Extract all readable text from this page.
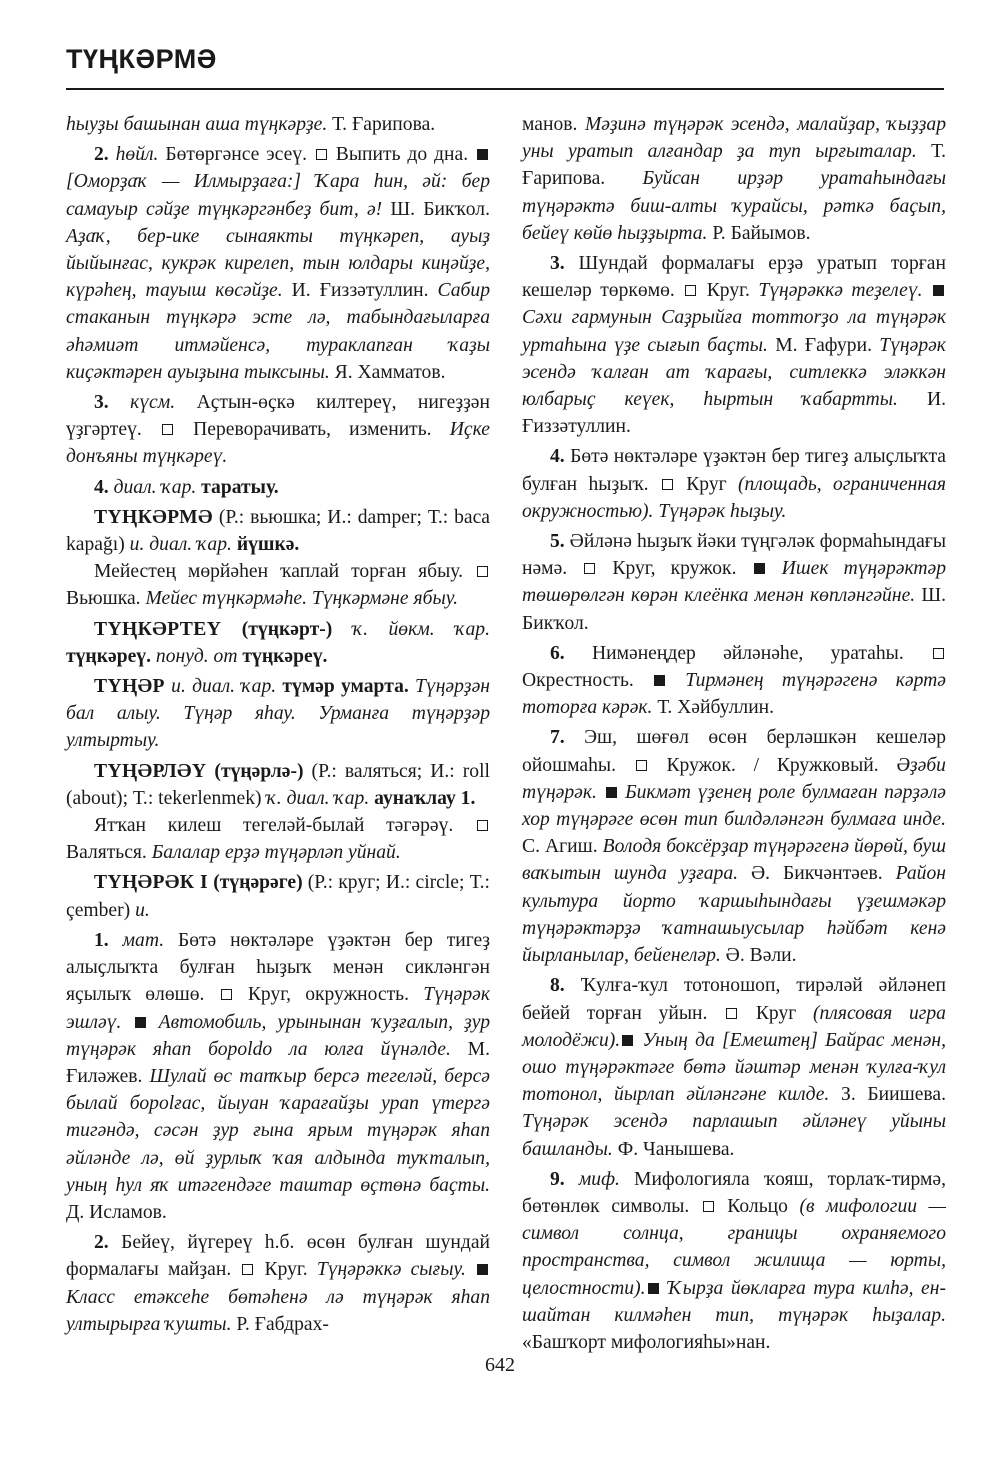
ТҮҢКӘРМӘ

hыуҙы башынан аша түңкәрҙе. Т. Ғарипова.

2. hөйл. Бөтөргәнсе эсеү.  Выпить до дна.  [Оморҙаҡ — Илмырҙаға:] Ҡара hин, әй: бер самауыр сәйҙе түңкәргәнбеҙ бит, ә! Ш. Бикҡол. Аҙаҡ, бер-ике сынаякты түңкәреп, ауыҙ йыйынғас, кукрәк кирелеп, тын юлдары киңәйҙе, күрәhең, тауыш көсәйҙе. И. Ғиззәтуллин. Сабир стаканын түңкәрә эсте лә, табындағыларға әhәмиәт итмәйенсә, тураклanған ҡаҙы киҫәктәрен ауыҙына тыксыны. Я. Хамматов.

3. күсм. Аҫтын-өҫкә килтереү, нигеҙҙән үҙгәртеү.  Переворачивать, изменить. Иҫке донъяны түңкәреү.

4. диал. ҡар. таратыу.

ТҮҢКӘРМӘ (Р.: вьюшка; И.: damper; Т.: baca kapağı) и. диал. ҡар. йүшкә.

Мейестең мөрйәhен ҡаплай торған ябыу.  Вьюшка. Мейес түңкәрмәhе. Түңкәрмәне ябыу.

ТҮҢКӘРТЕҮ (түңкәрт-) ҡ. йөкм. ҡар. түңкәреү. понуд. от түңкәреү.

ТҮҢӘР и. диал. ҡар. түмәр умарта. Түңәрҙән бал алыу. Түңәр яhау. Урманға түңәрҙәр ултыртыу.

ТҮҢӘРЛӘҮ (түңәрлә-) (Р.: валяться; И.: roll (about); Т.: tekerlenmek) ҡ. диал. ҡар. аунаҡлау 1.

Ятҡан килеш тегеләй-былай тәгәрәү.  Валяться. Балалар ерҙә түңәрләп уйнай.

ТҮҢӘРӘК I (түңәрәге) (Р.: круг; И.: circle; Т.: çember) и.

1. мат. Бөтә нөктәләре үҙәктән бер тигеҙ алыҫлыҡта булған hыҙыҡ менән сикләнгән яҫылыҡ өлөшө.  Круг, окружность. Түңәрәк эшләү.  Автомобиль, урынынан ҡуҙғалып, ҙур түңәрәк яhап бороldo ла юлға йүнәлде. М. Ғиләжев. Шулай өс тапҡыр берсә тегеләй, берсә былай борolғас, йыуан ҡарағайҙы урап үтергә тигәндә, сәсән ҙур ғына ярым түңәрәк яhап әйләнде лә, өй ҙурлыҡ ҡая алдында туҡталып, уның hул яҡ итәгендәге таштар өҫтөнә баҫты. Д. Исламов.

2. Бейеү, йүгереү h.б. өсөн булған шундай формалағы майҙан.  Круг. Түңәрәккә сығыу.  Класс етәксеhе бөтәhенә лә түңәрәк яhап ултырырға ҡушты. Р. Ғабдрах-

манов. Мәҙинә түңәрәк эсендә, малайҙар, ҡыҙҙар уны уратып алғандар ҙа туп ырғыталар. Т. Ғарипова. Буйсан ирҙәр уратаhындағы түңәрәктә биш-алты ҡурайсы, рәткә баҫып, бейеү көйө hыҙҙырта. Р. Байымов.

3. Шундай формалағы ерҙә уратып торған кешеләр төркөмө.  Круг. Түңәрәккә теҙелеү.  Сәхи гармунын Саҙрыйға тоттorҙо ла түңәрәк уртаhына үҙе сығып баҫты. М. Ғафури. Түңәрәк эсендә ҡалған ат ҡарағы, ситлеккә эләккән юлбарыҫ кеүек, hыртын ҡабартты. И. Ғиззәтуллин.

4. Бөтә нөктәләре үҙәктән бер тигеҙ алыҫлыҡта булған hыҙыҡ.  Круг (площадь, ограниченная окружностью). Түңәрәк hыҙыу.

5. Әйләнә hыҙыҡ йәки түңгәләк формаhындағы нәмә.  Круг, кружок.  Ишек түңәрәктәр төшөрөлгән көрән клеёнка менән көпләнгәйне. Ш. Бикҡол.

6. Нимәнеңдер әйләнәhе, уратаhы.  Окрестность.  Тирмәнең түңәрәгенә кәртә тоторға кәрәк. Т. Хәйбуллин.

7. Эш, шөғөл өсөн берләшкән кешеләр ойошмаhы.  Кружок. / Кружковый. Әҙәби түңәрәк.  Бикмәт үҙенең роле булмаған пәрҙәлә хор түңәрәге өсөн тип билдәләнгән булмаға инде. С. Агиш. Володя боксёрҙар түңәрәгенә йөрөй, буш ваҡытын шунда уҙғара. Ә. Бикчәнтәев. Район культура йорто ҡаршыhындағы үҙешмәкәр түңәрәктәрҙә ҡатнашыусылар hәйбәт кенә йырланылар, бейенеләр. Ә. Вәли.

8. Ҡулға-ҡул тотоношоп, тирәләй әйләнеп бейей торған уйын.  Круг (плясовая игра молодёжи). Уның да [Емештең] Байрас менән, ошо түңәрәктәге бөтә йәштәр менән ҡулға-ҡул тотонол, йырлап әйләнгәне килде. З. Биишева. Түңәрәк эсендә парлашып әйләнеү уйыны башланды. Ф. Чанышева.

9. миф. Мифологияла ҡояш, торлаҡ-тирмә, бөтөнлөк символы.  Кольцо (в мифологии — символ солнца, границы охраняемого пространства, символ жилища — юрты, целостности). Ҡырҙа йөкларға тура килhә, ен-шайтан килмәhен тип, түңәрәк hыҙалар. «Башҡорт мифологияhы»нан.

642
